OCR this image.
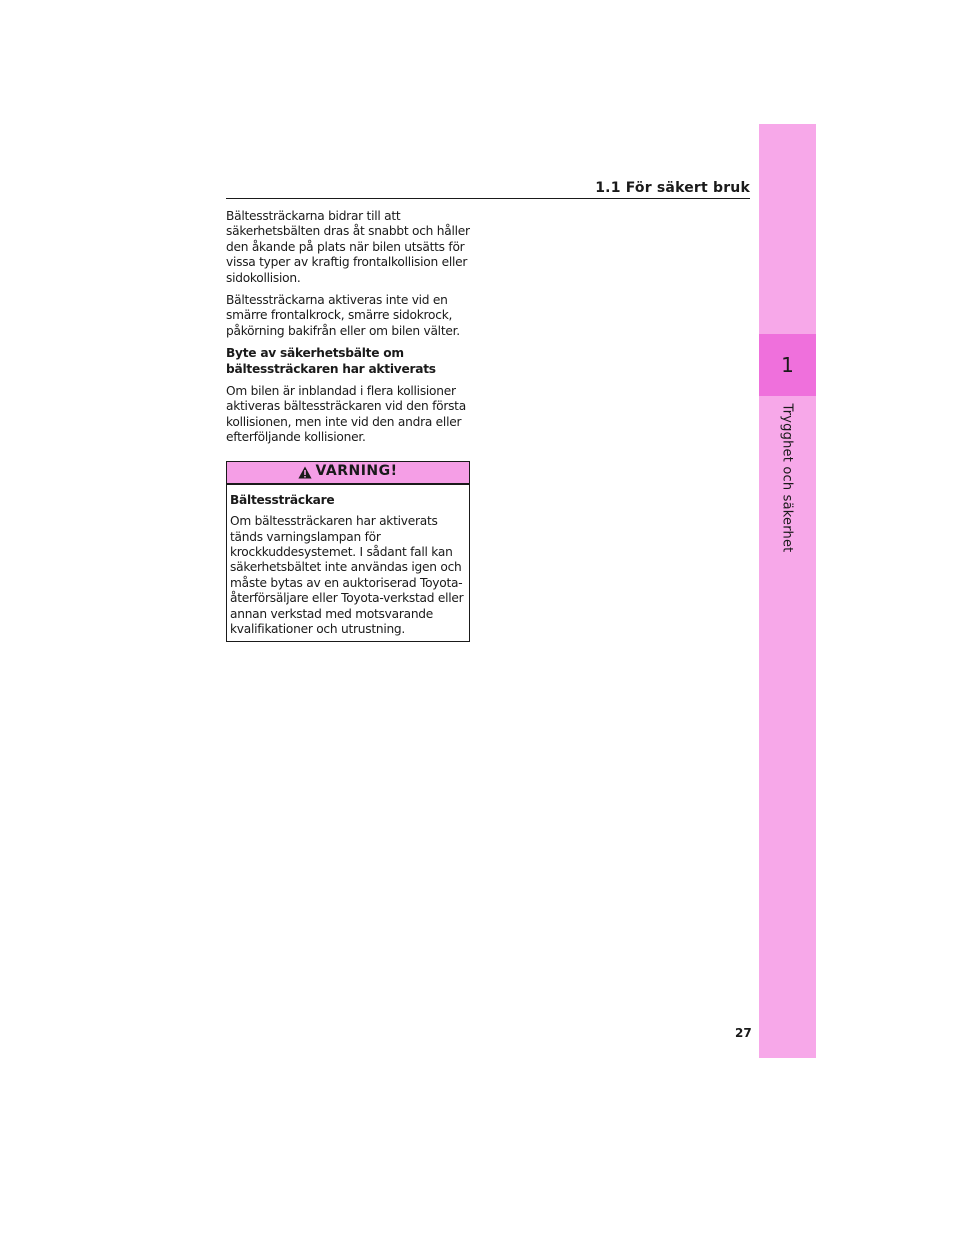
1
Trygghet och säkerhet
1.1 För säkert bruk

Bältessträckarna bidrar till att säkerhetsbälten dras åt snabbt och håller den åkande på plats när bilen utsätts för vissa typer av kraftig frontalkollision eller sidokollision.

Bältessträckarna aktiveras inte vid en smärre frontalkrock, smärre sidokrock, påkörning bakifrån eller om bilen välter.

Byte av säkerhetsbälte om bältessträckaren har aktiverats

Om bilen är inblandad i flera kollisioner aktiveras bältessträckaren vid den första kollisionen, men inte vid den andra eller efterföljande kollisioner.

VARNING!

Bältessträckare

Om bältessträckaren har aktiverats tänds varningslampan för krockkuddesystemet. I sådant fall kan säkerhetsbältet inte användas igen och måste bytas av en auktoriserad Toyota-återförsäljare eller Toyota-verkstad eller annan verkstad med motsvarande kvalifikationer och utrustning.

27
